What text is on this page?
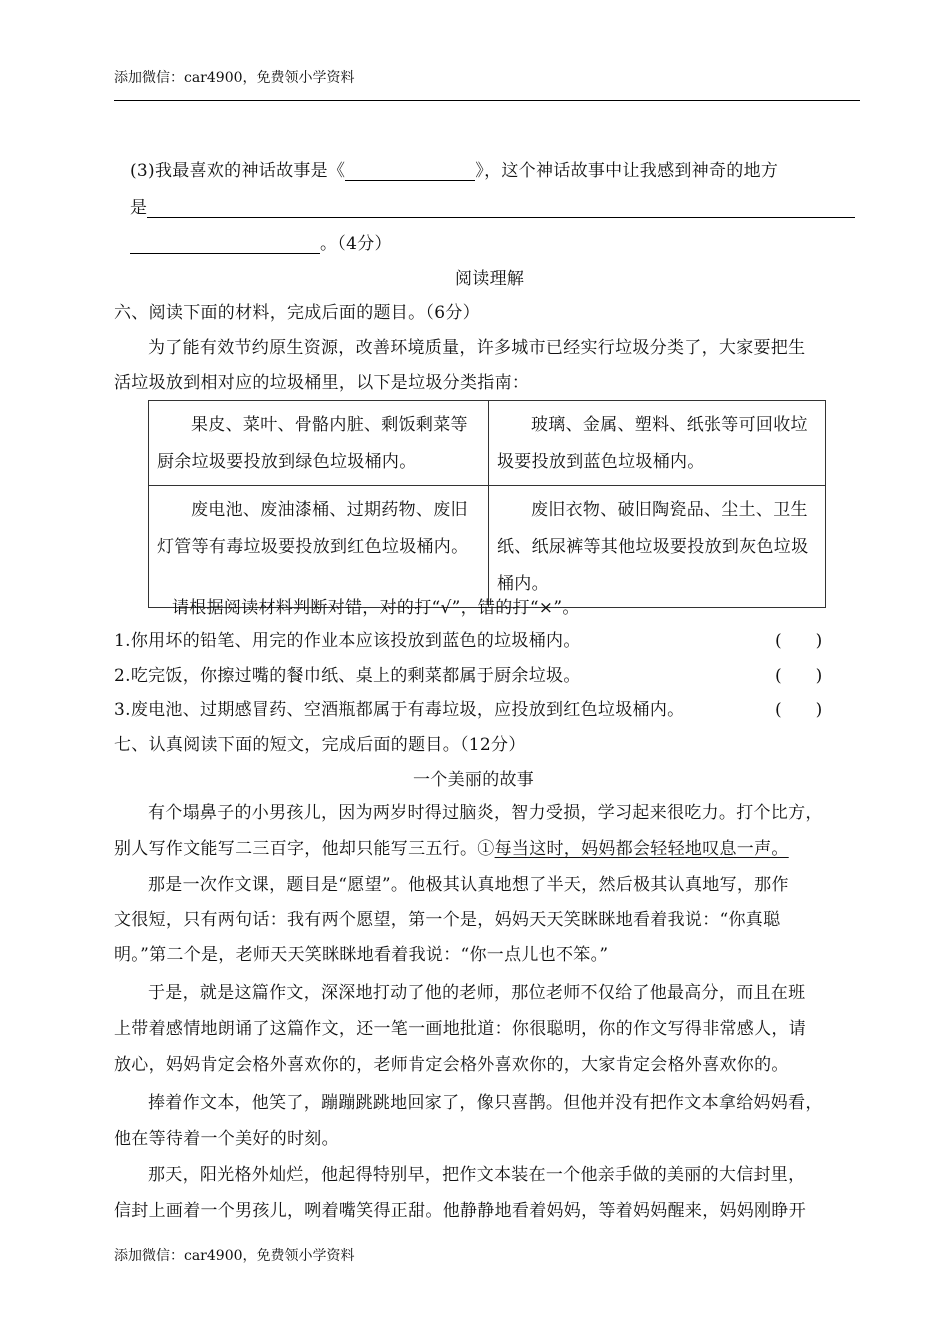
添加微信：car4900，免费领小学资料
(3)我最喜欢的神话故事是《	》，这个神话故事中让我感到神奇的地方
是
。（4分）
阅读理解
六、阅读下面的材料，完成后面的题目。（6分）
为了能有效节约原生资源，改善环境质量，许多城市已经实行垃圾分类了，大家要把生
活垃圾放到相对应的垃圾桶里，以下是垃圾分类指南：
果皮、菜叶、骨骼内脏、剩饭剩菜等厨余垃圾要投放到绿色垃圾桶内。	玻璃、金属、塑料、纸张等可回收垃圾要投放到蓝色垃圾桶内。
废电池、废油漆桶、过期药物、废旧灯管等有毒垃圾要投放到红色垃圾桶内。	废旧衣物、破旧陶瓷品、尘土、卫生纸、纸尿裤等其他垃圾要投放到灰色垃圾桶内。
请根据阅读材料判断对错，对的打“√”，错的打“×”。
1.你用坏的铅笔、用完的作业本应该投放到蓝色的垃圾桶内。	(　　)
2.吃完饭，你擦过嘴的餐巾纸、桌上的剩菜都属于厨余垃圾。	(　　)
3.废电池、过期感冒药、空酒瓶都属于有毒垃圾，应投放到红色垃圾桶内。	(　　)
七、认真阅读下面的短文，完成后面的题目。（12分）
一个美丽的故事
有个塌鼻子的小男孩儿，因为两岁时得过脑炎，智力受损，学习起来很吃力。打个比方，
别人写作文能写二三百字，他却只能写三五行。①每当这时，妈妈都会轻轻地叹息一声。
那是一次作文课，题目是“愿望”。他极其认真地想了半天，然后极其认真地写，那作
文很短，只有两句话：我有两个愿望，第一个是，妈妈天天笑眯眯地看着我说：“你真聪
明。”第二个是，老师天天笑眯眯地看着我说：“你一点儿也不笨。”
于是，就是这篇作文，深深地打动了他的老师，那位老师不仅给了他最高分，而且在班
上带着感情地朗诵了这篇作文，还一笔一画地批道：你很聪明，你的作文写得非常感人，请
放心，妈妈肯定会格外喜欢你的，老师肯定会格外喜欢你的，大家肯定会格外喜欢你的。
捧着作文本，他笑了，蹦蹦跳跳地回家了，像只喜鹊。但他并没有把作文本拿给妈妈看，
他在等待着一个美好的时刻。
那天，阳光格外灿烂，他起得特别早，把作文本装在一个他亲手做的美丽的大信封里，
信封上画着一个男孩儿，咧着嘴笑得正甜。他静静地看着妈妈，等着妈妈醒来，妈妈刚睁开
添加微信：car4900，免费领小学资料
